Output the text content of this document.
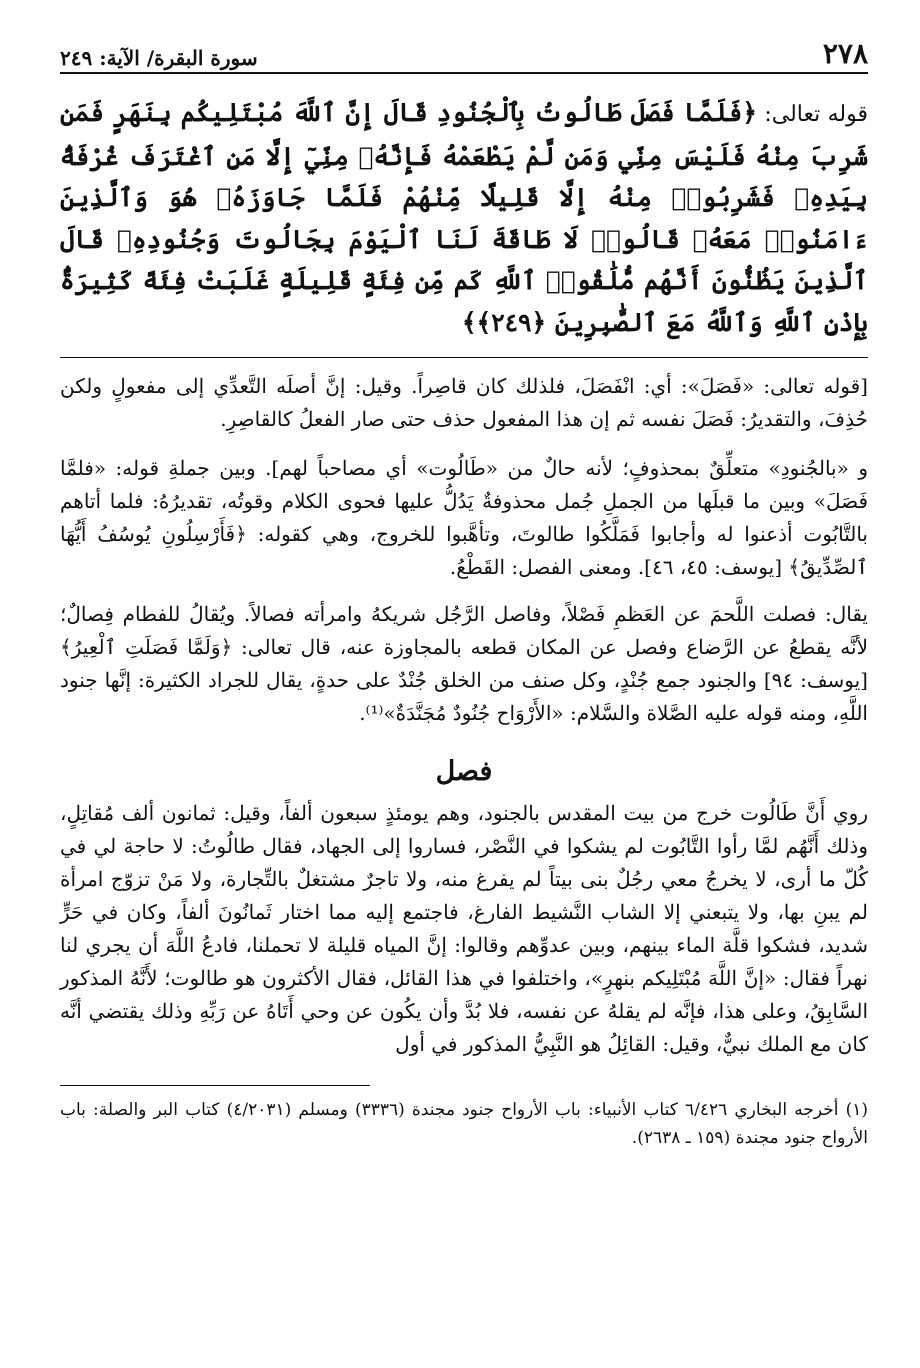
٢٧٨
سورة البقرة/ الآية: ٢٤٩

قوله تعالى: ﴿فَلَمَّا فَصَلَ طَالُوتُ بِٱلْجُنُودِ قَالَ إِنَّ ٱللَّهَ مُبْتَلِيكُم بِنَهَرٍ فَمَن شَرِبَ مِنْهُ فَلَيْسَ مِنِّي وَمَن لَّمْ يَطْعَمْهُ فَإِنَّهُۥ مِنِّيٓ إِلَّا مَنِ ٱغْتَرَفَ غُرْفَةًۢ بِيَدِهِۦ فَشَرِبُوا۟ مِنْهُ إِلَّا قَلِيلًا مِّنْهُمْ فَلَمَّا جَاوَزَهُۥ هُوَ وَٱلَّذِينَ ءَامَنُوا۟ مَعَهُۥ قَالُوا۟ لَا طَاقَةَ لَنَا ٱلْيَوْمَ بِجَالُوتَ وَجُنُودِهِۦ قَالَ ٱلَّذِينَ يَظُنُّونَ أَنَّهُم مُّلَٰقُوا۟ ٱللَّهِ كَم مِّن فِئَةٍ قَلِيلَةٍ غَلَبَتْ فِئَةً كَثِيرَةًۢ بِإِذْنِ ٱللَّهِ وَٱللَّهُ مَعَ ٱلصَّٰبِرِينَ ﴿٢٤٩﴾﴾

[قوله تعالى: «فَصَلَ»: أي: انْفَصَلَ، فلذلك كان قاصِراً. وقيل: إنَّ أصلَه التَّعدِّي إلى مفعولٍ ولكن حُذِفَ، والتقديرُ: فَصَلَ نفسه ثم إن هذا المفعول حذف حتى صار الفعلُ كالقاصِرِ.

و «بالجُنودِ» متعلِّقٌ بمحذوفٍ؛ لأنه حالٌ من «طَالُوت» أي مصاحباً لهم]. وبين جملةِ قوله: «فلمَّا فَصَلَ» وبين ما قبلَها من الجملِ جُمل محذوفةٌ يَدُلُّ عليها فحوى الكلام وقوتُه، تقديرُهُ: فلما أتاهم بالتَّابُوت أذعنوا له وأجابوا فَمَلَّكُوا طالوتَ، وتأهَّبوا للخروج، وهي كقوله: ﴿فَأَرْسِلُونِ يُوسُفُ أَيُّهَا ٱلصِّدِّيقُ﴾ [يوسف: ٤٥، ٤٦]. ومعنى الفصل: القَطْعُ.

يقال: فصلت اللَّحمَ عن العَظمِ فَصْلاً، وفاصل الرَّجُل شريكهُ وامرأته فصالاً. ويُقالُ للفطام فِصالٌ؛ لأنَّه يقطعُ عن الرَّضاع وفصل عن المكان قطعه بالمجاوزة عنه، قال تعالى: ﴿وَلَمَّا فَصَلَتِ ٱلْعِيرُ﴾ [يوسف: ٩٤] والجنود جمع جُنْدٍ، وكل صنف من الخلق جُنْدٌ على حدةٍ، يقال للجراد الكثيرة: إنَّها جنود اللَّهِ، ومنه قوله عليه الصَّلاة والسَّلام: «الأَرْوَاح جُنُودٌ مُجَنَّدَةٌ»⁽¹⁾.

فصل

روي أَنَّ طَالُوت خرج من بيت المقدس بالجنود، وهم يومئذٍ سبعون ألفاً، وقيل: ثمانون ألف مُقاتِلٍ، وذلك أَنَّهُم لمَّا رأوا التَّابُوت لم يشكوا في النَّصْر، فساروا إلى الجهاد، فقال طالُوتُ: لا حاجة لي في كُلّ ما أرى، لا يخرجُ معي رجُلٌ بنى بيتاً لم يفرغ منه، ولا تاجرٌ مشتغلٌ بالتِّجارة، ولا مَنْ تزوّج امرأة لم يبنِ بها، ولا يتبعني إلا الشاب النَّشيط الفارغ، فاجتمع إليه مما اختار ثَمانُونَ ألفاً، وكان في حَرٍّ شديد، فشكوا قلَّة الماء بينهم، وبين عدوِّهم وقالوا: إنَّ المياه قليلة لا تحملنا، فادعُ اللَّهَ أن يجري لنا نهراً فقال: «إنَّ اللَّهَ مُبْتَلِيكم بنهرٍ»، واختلفوا في هذا القائل، فقال الأكثرون هو طالوت؛ لأَنَّهُ المذكور السَّابِقُ، وعلى هذا، فإنَّه لم يقلهُ عن نفسه، فلا بُدَّ وأن يكُون عن وحي أَتَاهُ عن رَبِّهِ وذلك يقتضي أنَّه كان مع الملك نبيٌّ، وقيل: القائِلُ هو النَّبِيُّ المذكور في أول

(١) أخرجه البخاري ٦/٤٢٦ كتاب الأنبياء: باب الأرواح جنود مجندة (٣٣٣٦) ومسلم (٤/٢٠٣١) كتاب البر والصلة: باب الأرواح جنود مجندة (١٥٩ ـ ٢٦٣٨).
